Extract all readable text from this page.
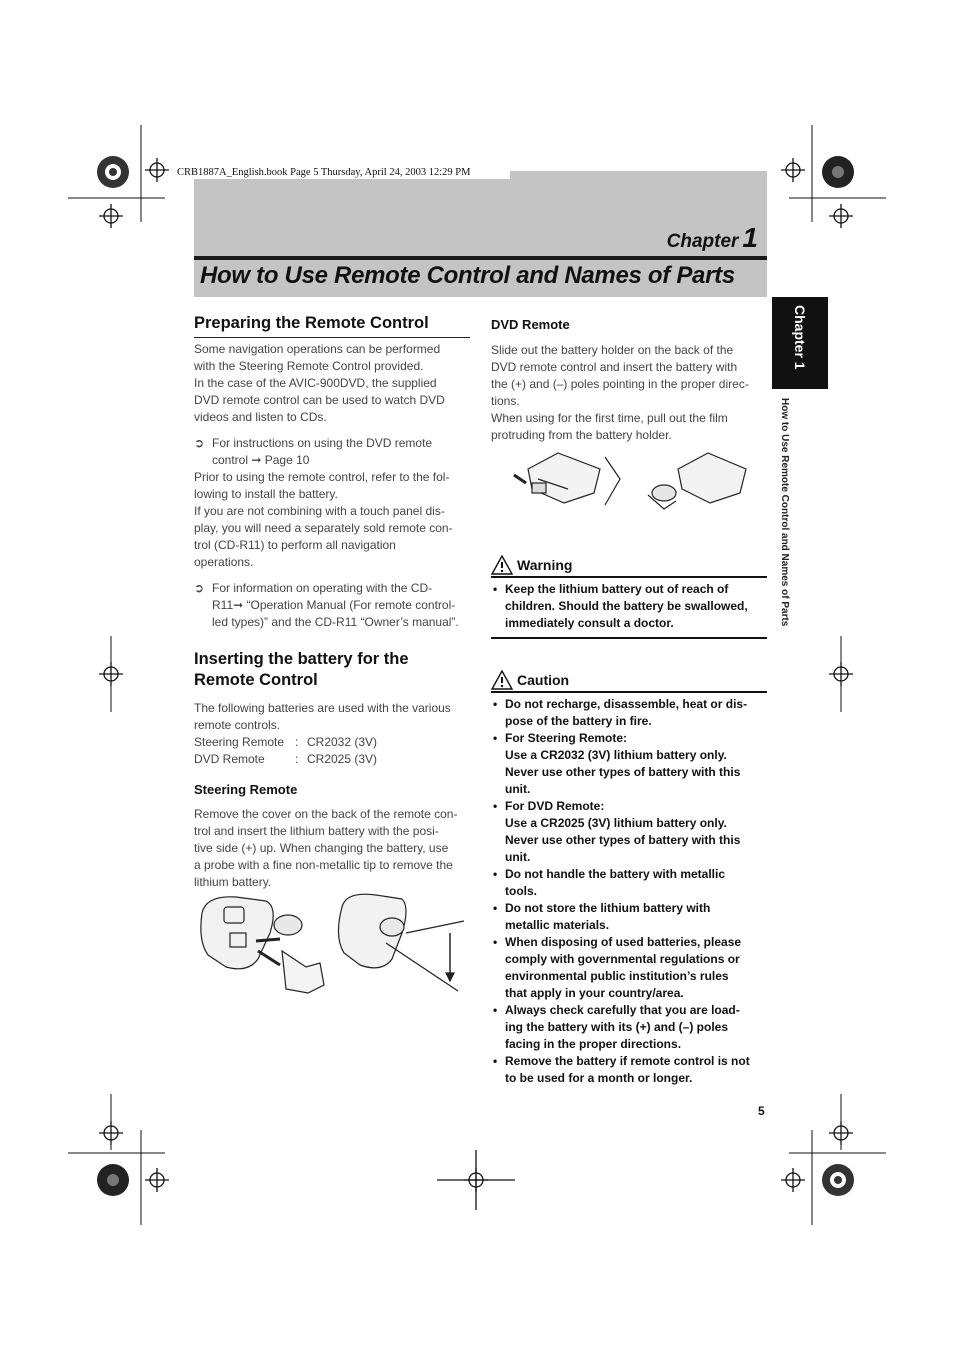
CRB1887A_English.book Page 5 Thursday, April 24, 2003 12:29 PM
Chapter 1
How to Use Remote Control and Names of Parts
Chapter 1
How to Use Remote Control and Names of Parts
Preparing the Remote Control

Some navigation operations can be performed
with the Steering Remote Control provided.
In the case of the AVIC-900DVD, the supplied
DVD remote control can be used to watch DVD
videos and listen to CDs.

➲ For instructions on using the DVD remote
control ➞ Page 10

Prior to using the remote control, refer to the fol-
lowing to install the battery.
If you are not combining with a touch panel dis-
play, you will need a separately sold remote con-
trol (CD-R11) to perform all navigation
operations.

➲ For information on operating with the CD-
R11➞ “Operation Manual (For remote control-
led types)” and the CD-R11 “Owner’s manual”.
Inserting the battery for the
Remote Control

The following batteries are used with the various
remote controls.

Steering Remote : CR2032 (3V)
DVD Remote	: CR2025 (3V)
Steering Remote

Remove the cover on the back of the remote con-
trol and insert the lithium battery with the posi-
tive side (+) up. When changing the battery, use
a probe with a fine non-metallic tip to remove the
lithium battery.

DVD Remote

Slide out the battery holder on the back of the
DVD remote control and insert the battery with
the (+) and (–) poles pointing in the proper direc-
tions.
When using for the first time, pull out the film
protruding from the battery holder.

Warning
• Keep the lithium battery out of reach of
children. Should the battery be swallowed,
immediately consult a doctor.
Caution
• Do not recharge, disassemble, heat or dis-
pose of the battery in fire.
• For Steering Remote:
Use a CR2032 (3V) lithium battery only.
Never use other types of battery with this
unit.
• For DVD Remote:
Use a CR2025 (3V) lithium battery only.
Never use other types of battery with this
unit.
• Do not handle the battery with metallic
tools.
• Do not store the lithium battery with
metallic materials.
• When disposing of used batteries, please
comply with governmental regulations or
environmental public institution’s rules
that apply in your country/area.
• Always check carefully that you are load-
ing the battery with its (+) and (–) poles
facing in the proper directions.
• Remove the battery if remote control is not
to be used for a month or longer.
5
